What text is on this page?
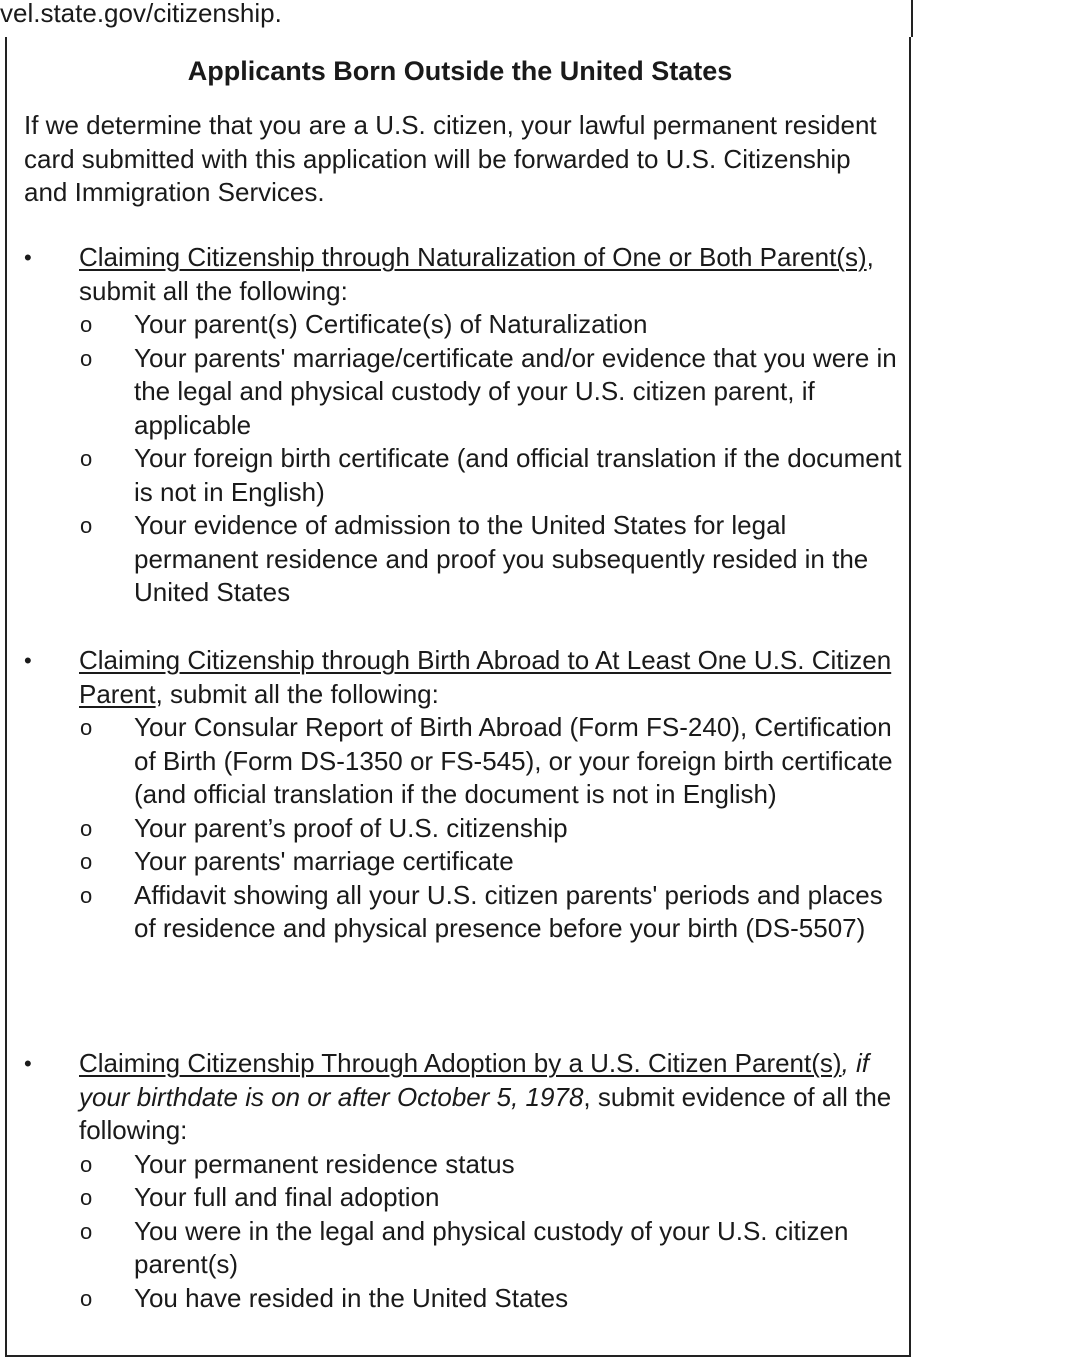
vel.state.gov/citizenship.
Applicants Born Outside the United States

If we determine that you are a U.S. citizen, your lawful permanent resident card submitted with this application will be forwarded to U.S. Citizenship and Immigration Services.

• Claiming Citizenship through Naturalization of One or Both Parent(s), submit all the following:

o Your parent(s) Certificate(s) of Naturalization
o Your parents' marriage/certificate and/or evidence that you were in the legal and physical custody of your U.S. citizen parent, if applicable
o Your foreign birth certificate (and official translation if the document is not in English)
o Your evidence of admission to the United States for legal permanent residence and proof you subsequently resided in the United States
• Claiming Citizenship through Birth Abroad to At Least One U.S. Citizen Parent, submit all the following:

o Your Consular Report of Birth Abroad (Form FS-240), Certification of Birth (Form DS-1350 or FS-545), or your foreign birth certificate (and official translation if the document is not in English)
o Your parent’s proof of U.S. citizenship
o Your parents' marriage certificate
o Affidavit showing all your U.S. citizen parents' periods and places of residence and physical presence before your birth (DS-5507)
• Claiming Citizenship Through Adoption by a U.S. Citizen Parent(s), if your birthdate is on or after October 5, 1978, submit evidence of all the following:

o Your permanent residence status
o Your full and final adoption
o You were in the legal and physical custody of your U.S. citizen parent(s)
o You have resided in the United States
